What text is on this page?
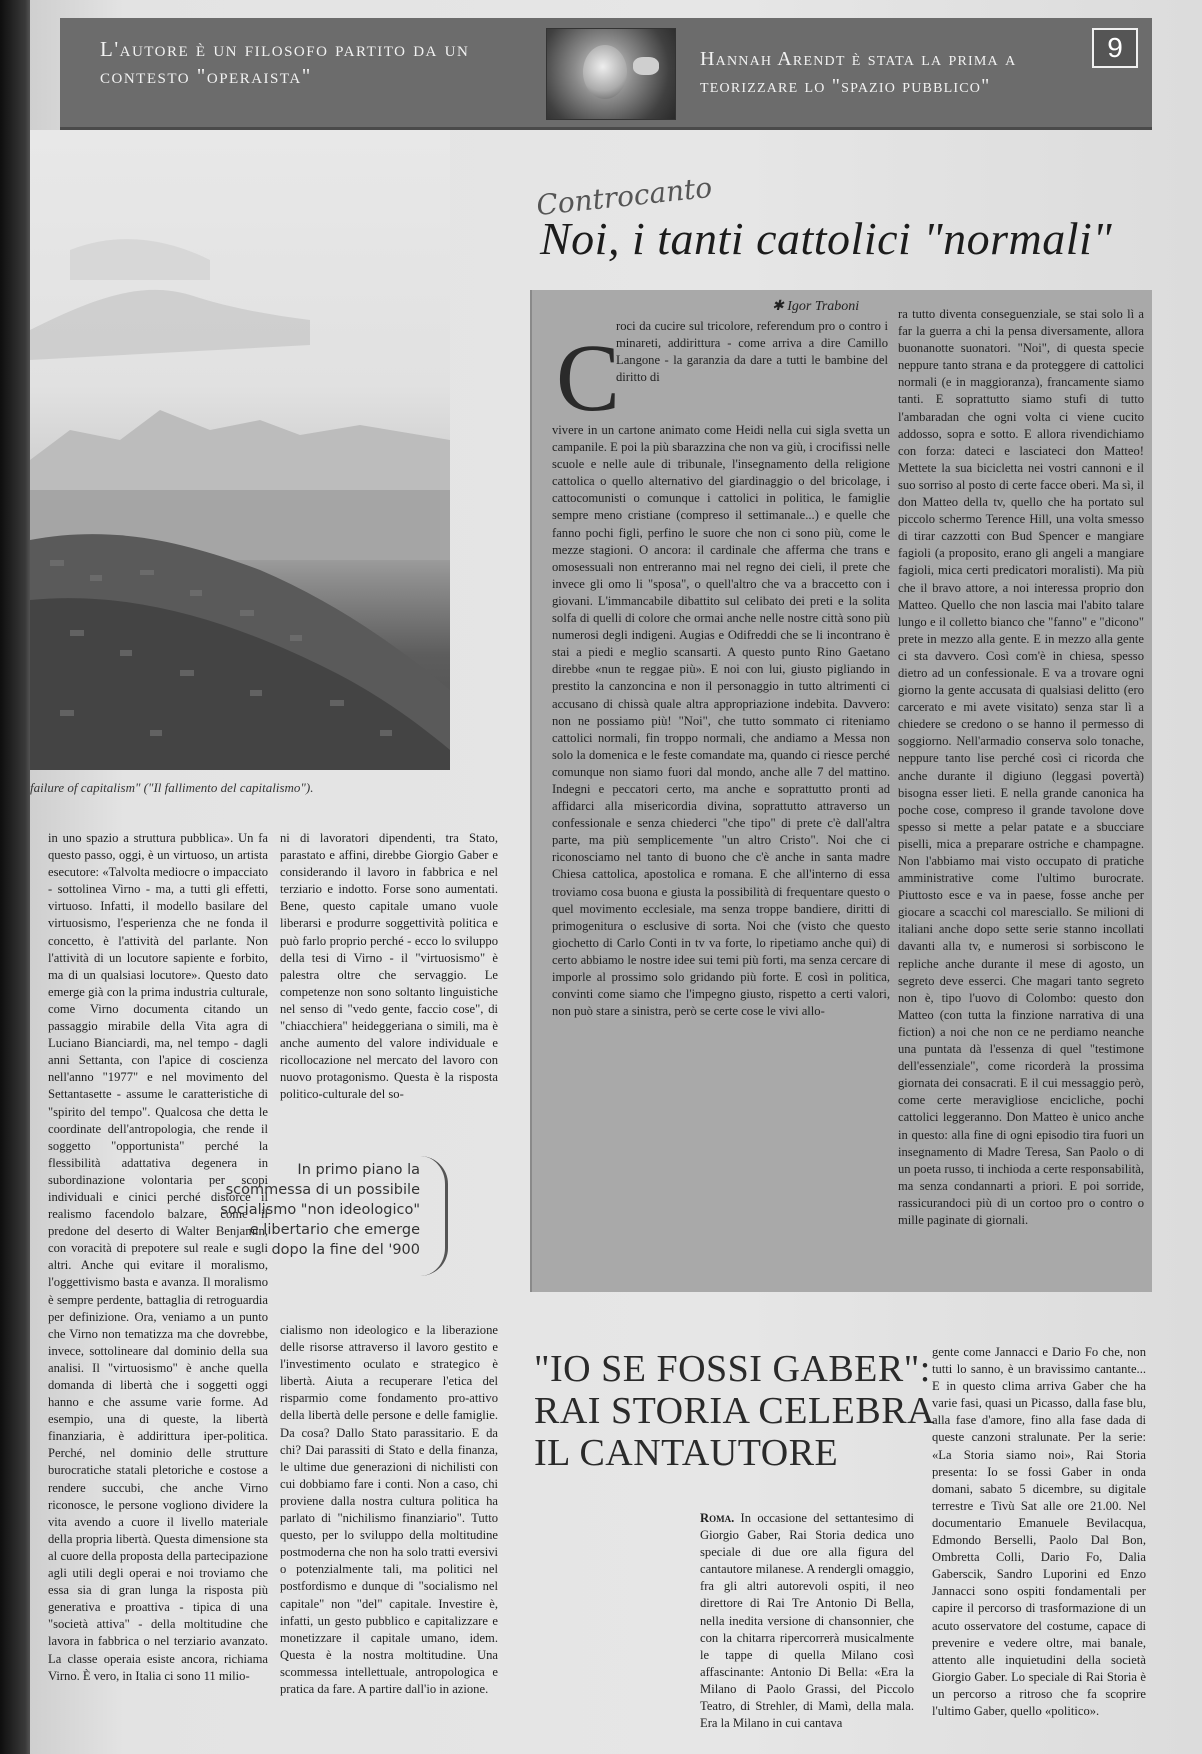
L'autore è un filosofo partito da un contesto "operaista"
Hannah Arendt è stata la prima a teorizzare lo "spazio pubblico"
9
failure of capitalism" ("Il fallimento del capitalismo").
Controcanto
Noi, i tanti cattolici "normali"
✱ Igor Traboni
C
roci da cucire sul tricolore, referendum pro o contro i minareti, addirittura - come arriva a dire Camillo Langone - la garanzia da dare a tutti le bambine del diritto di
vivere in un cartone animato come Heidi nella cui sigla svetta un campanile. E poi la più sbarazzina che non va giù, i crocifissi nelle scuole e nelle aule di tribunale, l'insegnamento della religione cattolica o quello alternativo del giardinaggio o del bricolage, i cattocomunisti o comunque i cattolici in politica, le famiglie sempre meno cristiane (compreso il settimanale...) e quelle che fanno pochi figli, perfino le suore che non ci sono più, come le mezze stagioni. O ancora: il cardinale che afferma che trans e omosessuali non entreranno mai nel regno dei cieli, il prete che invece gli omo li "sposa", o quell'altro che va a braccetto con i giovani. L'immancabile dibattito sul celibato dei preti e la solita solfa di quelli di colore che ormai anche nelle nostre città sono più numerosi degli indigeni. Augias e Odifreddi che se li incontrano è stai a piedi e meglio scansarti. A questo punto Rino Gaetano direbbe «nun te reggae più». E noi con lui, giusto pigliando in prestito la canzoncina e non il personaggio in tutto altrimenti ci accusano di chissà quale altra appropriazione indebita. Davvero: non ne possiamo più! "Noi", che tutto sommato ci riteniamo cattolici normali, fin troppo normali, che andiamo a Messa non solo la domenica e le feste comandate ma, quando ci riesce perché comunque non siamo fuori dal mondo, anche alle 7 del mattino. Indegni e peccatori certo, ma anche e soprattutto pronti ad affidarci alla misericordia divina, soprattutto attraverso un confessionale e senza chiederci "che tipo" di prete c'è dall'altra parte, ma più semplicemente "un altro Cristo". Noi che ci riconosciamo nel tanto di buono che c'è anche in santa madre Chiesa cattolica, apostolica e romana. E che all'interno di essa troviamo cosa buona e giusta la possibilità di frequentare questo o quel movimento ecclesiale, ma senza troppe bandiere, diritti di primogenitura o esclusive di sorta. Noi che (visto che questo giochetto di Carlo Conti in tv va forte, lo ripetiamo anche qui) di certo abbiamo le nostre idee sui temi più forti, ma senza cercare di imporle al prossimo solo gridando più forte. E così in politica, convinti come siamo che l'impegno giusto, rispetto a certi valori, non può stare a sinistra, però se certe cose le vivi allo-
ra tutto diventa conseguenziale, se stai solo lì a far la guerra a chi la pensa diversamente, allora buonanotte suonatori. "Noi", di questa specie neppure tanto strana e da proteggere di cattolici normali (e in maggioranza), francamente siamo tanti. E soprattutto siamo stufi di tutto l'ambaradan che ogni volta ci viene cucito addosso, sopra e sotto. E allora rivendichiamo con forza: dateci e lasciateci don Matteo! Mettete la sua bicicletta nei vostri cannoni e il suo sorriso al posto di certe facce oberi. Ma sì, il don Matteo della tv, quello che ha portato sul piccolo schermo Terence Hill, una volta smesso di tirar cazzotti con Bud Spencer e mangiare fagioli (a proposito, erano gli angeli a mangiare fagioli, mica certi predicatori moralisti). Ma più che il bravo attore, a noi interessa proprio don Matteo. Quello che non lascia mai l'abito talare lungo e il colletto bianco che "fanno" e "dicono" prete in mezzo alla gente. E in mezzo alla gente ci sta davvero. Così com'è in chiesa, spesso dietro ad un confessionale. E va a trovare ogni giorno la gente accusata di qualsiasi delitto (ero carcerato e mi avete visitato) senza star lì a chiedere se credono o se hanno il permesso di soggiorno. Nell'armadio conserva solo tonache, neppure tanto lise perché così ci ricorda che anche durante il digiuno (leggasi povertà) bisogna esser lieti. E nella grande canonica ha poche cose, compreso il grande tavolone dove spesso si mette a pelar patate e a sbucciare piselli, mica a preparare ostriche e champagne. Non l'abbiamo mai visto occupato di pratiche amministrative come l'ultimo burocrate. Piuttosto esce e va in paese, fosse anche per giocare a scacchi col maresciallo. Se milioni di italiani anche dopo sette serie stanno incollati davanti alla tv, e numerosi si sorbiscono le repliche anche durante il mese di agosto, un segreto deve esserci. Che magari tanto segreto non è, tipo l'uovo di Colombo: questo don Matteo (con tutta la finzione narrativa di una fiction) a noi che non ce ne perdiamo neanche una puntata dà l'essenza di quel "testimone dell'essenziale", come ricorderà la prossima giornata dei consacrati. E il cui messaggio però, come certe meravigliose encicliche, pochi cattolici leggeranno. Don Matteo è unico anche in questo: alla fine di ogni episodio tira fuori un insegnamento di Madre Teresa, San Paolo o di un poeta russo, ti inchioda a certe responsabilità, ma senza condannarti a priori. E poi sorride, rassicurandoci più di un cortoo pro o contro o mille paginate di giornali.
in uno spazio a struttura pubblica». Un fa questo passo, oggi, è un virtuoso, un artista esecutore: «Talvolta mediocre o impacciato - sottolinea Virno - ma, a tutti gli effetti, virtuoso. Infatti, il modello basilare del virtuosismo, l'esperienza che ne fonda il concetto, è l'attività del parlante. Non l'attività di un locutore sapiente e forbito, ma di un qualsiasi locutore». Questo dato emerge già con la prima industria culturale, come Virno documenta citando un passaggio mirabile della Vita agra di Luciano Bianciardi, ma, nel tempo - dagli anni Settanta, con l'apice di coscienza nell'anno "1977" e nel movimento del Settantasette - assume le caratteristiche di "spirito del tempo". Qualcosa che detta le coordinate dell'antropologia, che rende il soggetto "opportunista" perché la flessibilità adattativa degenera in subordinazione volontaria per scopi individuali e cinici perché distorce il realismo facendolo balzare, come il predone del deserto di Walter Benjamin, con voracità di prepotere sul reale e sugli altri. Anche qui evitare il moralismo, l'oggettivismo basta e avanza. Il moralismo è sempre perdente, battaglia di retroguardia per definizione. Ora, veniamo a un punto che Virno non tematizza ma che dovrebbe, invece, sottolineare dal dominio della sua analisi. Il "virtuosismo" è anche quella domanda di libertà che i soggetti oggi hanno e che assume varie forme. Ad esempio, una di queste, la libertà finanziaria, è addirittura iper-politica. Perché, nel dominio delle strutture burocratiche statali pletoriche e costose a rendere succubi, che anche Virno riconosce, le persone vogliono dividere la vita avendo a cuore il livello materiale della propria libertà. Questa dimensione sta al cuore della proposta della partecipazione agli utili degli operai e noi troviamo che essa sia di gran lunga la risposta più generativa e proattiva - tipica di una "società attiva" - della moltitudine che lavora in fabbrica o nel terziario avanzato. La classe operaia esiste ancora, richiama Virno. È vero, in Italia ci sono 11 milio-
ni di lavoratori dipendenti, tra Stato, parastato e affini, direbbe Giorgio Gaber e considerando il lavoro in fabbrica e nel terziario e indotto. Forse sono aumentati. Bene, questo capitale umano vuole liberarsi e produrre soggettività politica e può farlo proprio perché - ecco lo sviluppo della tesi di Virno - il "virtuosismo" è palestra oltre che servaggio. Le competenze non sono soltanto linguistiche nel senso di "vedo gente, faccio cose", di "chiacchiera" heideggeriana o simili, ma è anche aumento del valore individuale e ricollocazione nel mercato del lavoro con nuovo protagonismo. Questa è la risposta politico-culturale del so-
cialismo non ideologico e la liberazione delle risorse attraverso il lavoro gestito e l'investimento oculato e strategico è libertà. Aiuta a recuperare l'etica del risparmio come fondamento pro-attivo della libertà delle persone e delle famiglie. Da cosa? Dallo Stato parassitario. E da chi? Dai parassiti di Stato e della finanza, le ultime due generazioni di nichilisti con cui dobbiamo fare i conti. Non a caso, chi proviene dalla nostra cultura politica ha parlato di "nichilismo finanziario". Tutto questo, per lo sviluppo della moltitudine postmoderna che non ha solo tratti eversivi o potenzialmente tali, ma politici nel postfordismo e dunque di "socialismo nel capitale" non "del" capitale. Investire è, infatti, un gesto pubblico e capitalizzare e monetizzare il capitale umano, idem. Questa è la nostra moltitudine. Una scommessa intellettuale, antropologica e pratica da fare. A partire dall'io in azione.
In primo piano la scommessa di un possibile socialismo "non ideologico" e libertario che emerge dopo la fine del '900
"IO SE FOSSI GABER": RAI STORIA CELEBRA IL CANTAUTORE
Roma. In occasione del settantesimo di Giorgio Gaber, Rai Storia dedica uno speciale di due ore alla figura del cantautore milanese. A rendergli omaggio, fra gli altri autorevoli ospiti, il neo direttore di Rai Tre Antonio Di Bella, nella inedita versione di chansonnier, che con la chitarra ripercorrerà musicalmente le tappe di quella Milano così affascinante: Antonio Di Bella: «Era la Milano di Paolo Grassi, del Piccolo Teatro, di Strehler, di Mamì, della mala. Era la Milano in cui cantava
gente come Jannacci e Dario Fo che, non tutti lo sanno, è un bravissimo cantante... E in questo clima arriva Gaber che ha varie fasi, quasi un Picasso, dalla fase blu, alla fase d'amore, fino alla fase dada di queste canzoni stralunate. Per la serie: «La Storia siamo noi», Rai Storia presenta: Io se fossi Gaber in onda domani, sabato 5 dicembre, su digitale terrestre e Tivù Sat alle ore 21.00. Nel documentario Emanuele Bevilacqua, Edmondo Berselli, Paolo Dal Bon, Ombretta Colli, Dario Fo, Dalia Gaberscik, Sandro Luporini ed Enzo Jannacci sono ospiti fondamentali per capire il percorso di trasformazione di un acuto osservatore del costume, capace di prevenire e vedere oltre, mai banale, attento alle inquietudini della società Giorgio Gaber. Lo speciale di Rai Storia è un percorso a ritroso che fa scoprire l'ultimo Gaber, quello «politico».
